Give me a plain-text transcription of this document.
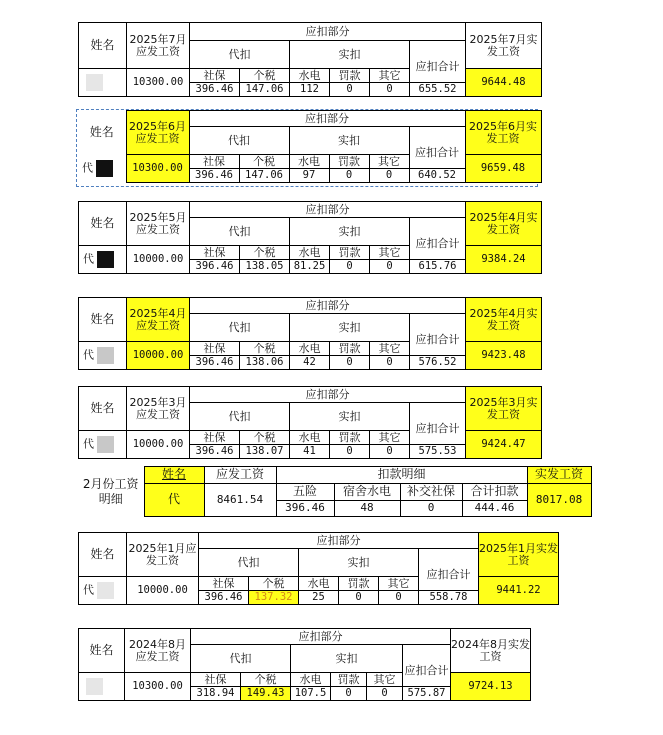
姓名	2025年7月应发工资	应扣部分						2025年7月实发工资
		代扣		实扣			应扣合计	
	10300.00	社保	个税	水电	罚款	其它		9644.48
		396.46	147.06	112	0	0	655.52	
姓名	2025年6月应发工资	应扣部分						2025年6月实发工资
		代扣		实扣			应扣合计	
代	10300.00	社保	个税	水电	罚款	其它		9659.48
		396.46	147.06	97	0	0	640.52	
姓名	2025年5月应发工资	应扣部分						2025年4月实发工资
		代扣		实扣			应扣合计	
代	10000.00	社保	个税	水电	罚款	其它		9384.24
		396.46	138.05	81.25	0	0	615.76	
姓名	2025年4月应发工资	应扣部分						2025年4月实发工资
		代扣		实扣			应扣合计	
代	10000.00	社保	个税	水电	罚款	其它		9423.48
		396.46	138.06	42	0	0	576.52	
姓名	2025年3月应发工资	应扣部分						2025年3月实发工资
		代扣		实扣			应扣合计	
代	10000.00	社保	个税	水电	罚款	其它		9424.47
		396.46	138.07	41	0	0	575.53	
2月份工资明细	姓名	应发工资	扣款明细				实发工资
	代	8461.54	五险	宿舍水电	补交社保	合计扣款	8017.08
			396.46	48	0	444.46	
姓名	2025年1月应发工资	应扣部分						2025年1月实发工资
		代扣		实扣			应扣合计	
代	10000.00	社保	个税	水电	罚款	其它		9441.22
		396.46	137.32	25	0	0	558.78	
姓名	2024年8月应发工资	应扣部分						2024年8月实发工资
		代扣		实扣			应扣合计	
	10300.00	社保	个税	水电	罚款	其它		9724.13
		318.94	149.43	107.5	0	0	575.87	
